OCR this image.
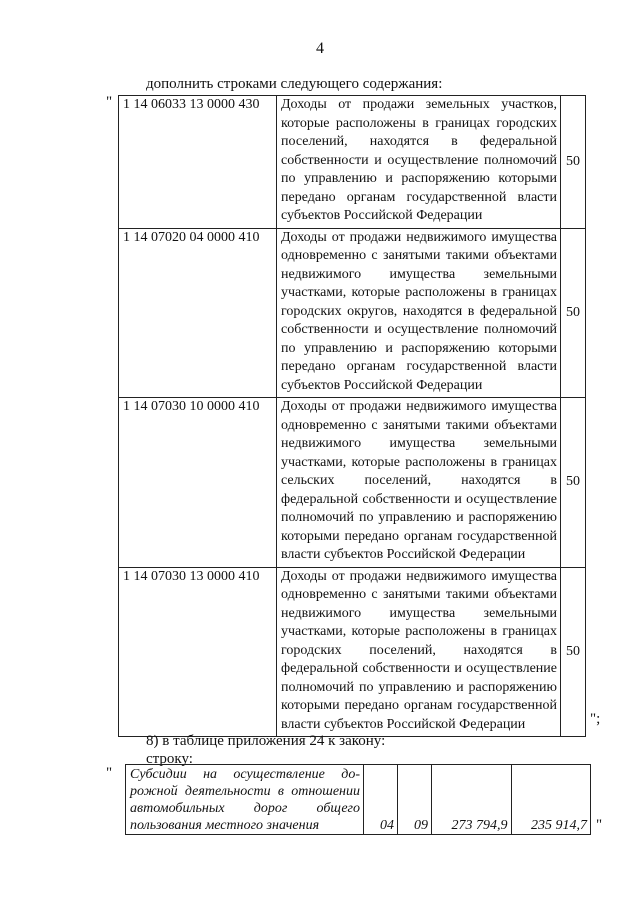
4
дополнить строками следующего содержания:
" 1 14 06033 13 0000 430	Доходы от продажи земельных участков, которые расположены в границах городских поселений, находятся в федеральной собственности и осуществление полномочий по управлению и распоряжению которыми передано органам государственной власти субъектов Российской Федерации	50
1 14 07020 04 0000 410	Доходы от продажи недвижимого имущества одновременно с занятыми такими объектами недвижимого имущества земельными участками, которые расположены в границах городских округов, находятся в федеральной собственности и осуществление полномочий по управлению и распоряжению которыми передано органам государственной власти субъектов Российской Федерации	50
1 14 07030 10 0000 410	Доходы от продажи недвижимого имущества одновременно с занятыми такими объектами недвижимого имущества земельными участками, которые расположены в границах сельских поселений, находятся в федеральной собственности и осуществление полномочий по управлению и распоряжению которыми передано органам государственной власти субъектов Российской Федерации	50
1 14 07030 13 0000 410	Доходы от продажи недвижимого имущества одновременно с занятыми такими объектами недвижимого имущества земельными участками, которые расположены в границах городских поселений, находятся в федеральной собственности и осуществление полномочий по управлению и распоряжению которыми передано органам государственной власти субъектов Российской Федерации	50
";
8) в таблице приложения 24 к закону:
строку:
" Субсидии на осуществление дорожной деятельности в отношении автомобильных дорог общего пользования местного значения	04	09	273 794,9	235 914,7 "
